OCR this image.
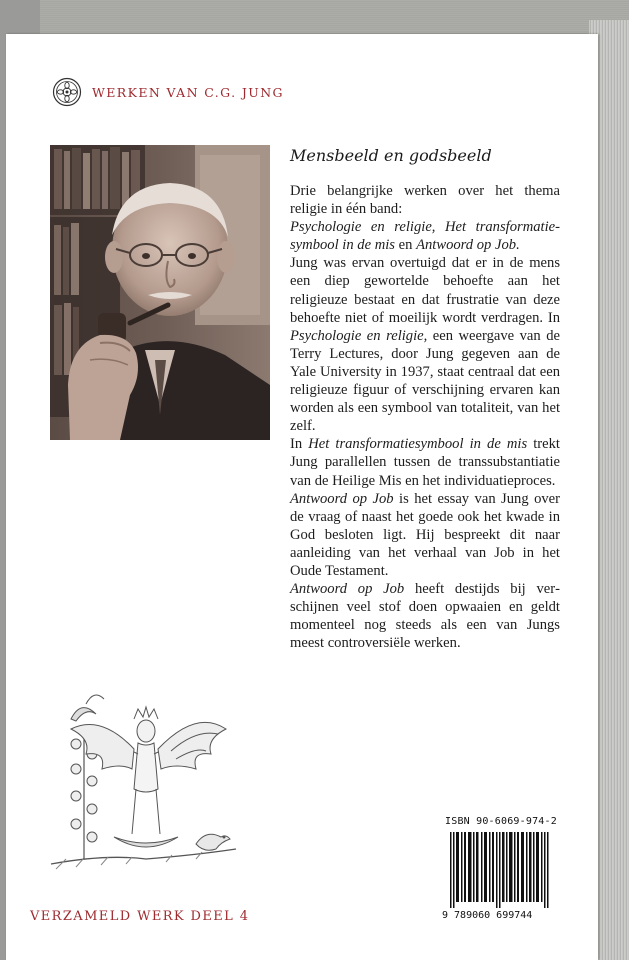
WERKEN VAN C.G. JUNG
Mensbeeld en godsbeeld

Drie belangrijke werken over het thema religie in één band:

Psychologie en religie, Het transformatiesymbool in de mis en Antwoord op Job.

Jung was ervan overtuigd dat er in de mens een diep gewortelde behoefte aan het religieuze bestaat en dat frustratie van deze behoefte niet of moeilijk wordt verdragen. In Psychologie en religie, een weergave van de Terry Lectures, door Jung gegeven aan de Yale University in 1937, staat centraal dat een religieuze figuur of verschijning ervaren kan worden als een symbool van totaliteit, van het zelf.

In Het transformatiesymbool in de mis trekt Jung parallellen tussen de transsubstantiatie van de Heilige Mis en het individuatieproces.

Antwoord op Job is het essay van Jung over de vraag of naast het goede ook het kwade in God besloten ligt. Hij bespreekt dit naar aanleiding van het verhaal van Job in het Oude Testament.

Antwoord op Job heeft destijds bij verschijnen veel stof doen opwaaien en geldt momenteel nog steeds als een van Jungs meest controversiële werken.

ISBN 90-6069-974-2
9 789060 699744
VERZAMELD WERK DEEL 4
